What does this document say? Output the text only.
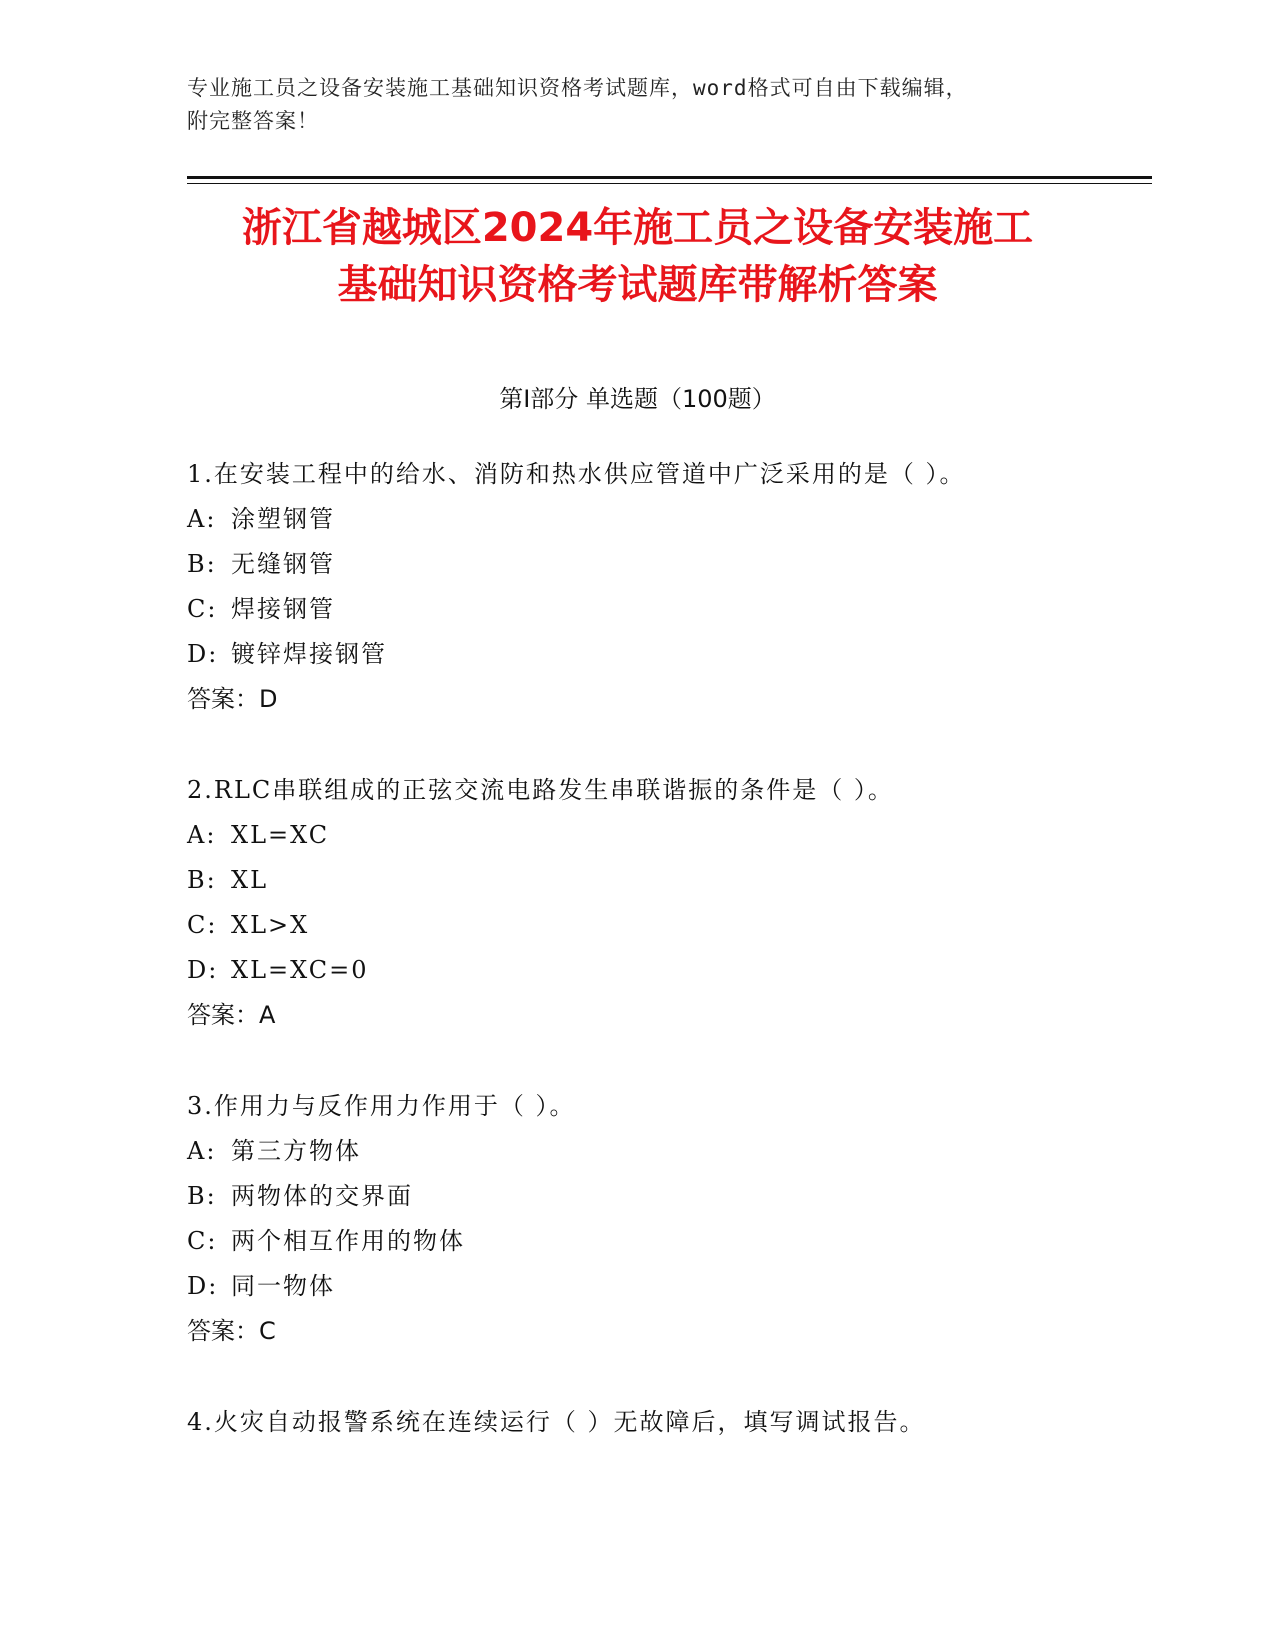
专业施工员之设备安装施工基础知识资格考试题库，word格式可自由下载编辑，
附完整答案！
浙江省越城区2024年施工员之设备安装施工
基础知识资格考试题库带解析答案
第Ⅰ部分 单选题（100题）
1.在安装工程中的给水、消防和热水供应管道中广泛采用的是（ ）。
A: 涂塑钢管
B: 无缝钢管
C: 焊接钢管
D: 镀锌焊接钢管
答案：D
2.RLC串联组成的正弦交流电路发生串联谐振的条件是（ ）。
A: XL=XC
B: XL
C: XL>X
D: XL=XC=0
答案：A
3.作用力与反作用力作用于（ ）。
A: 第三方物体
B: 两物体的交界面
C: 两个相互作用的物体
D: 同一物体
答案：C
4.火灾自动报警系统在连续运行（ ）无故障后，填写调试报告。
